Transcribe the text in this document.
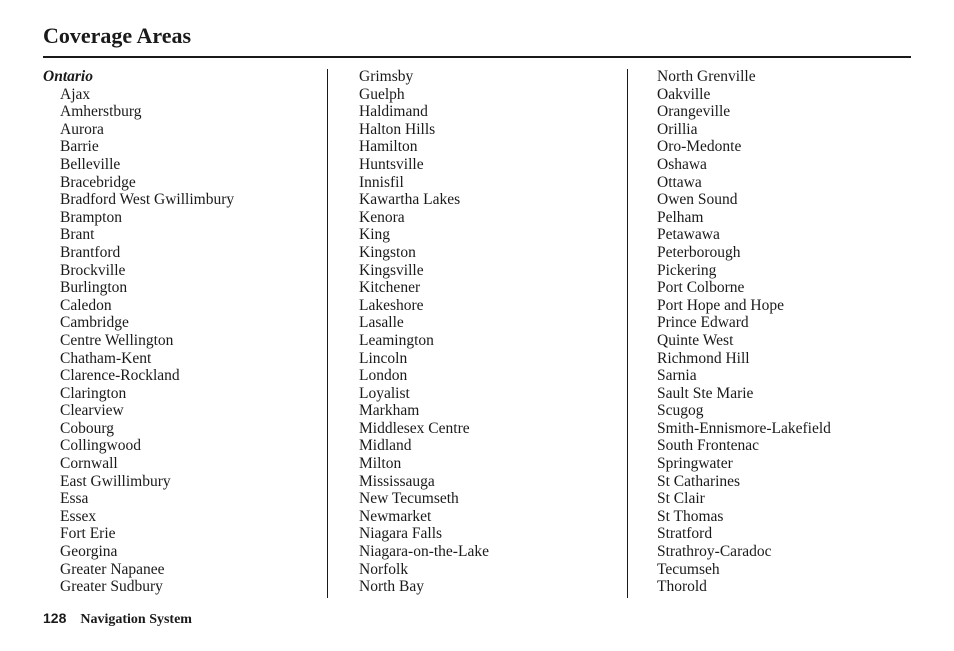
Coverage Areas
Ontario
Ajax
Amherstburg
Aurora
Barrie
Belleville
Bracebridge
Bradford West Gwillimbury
Brampton
Brant
Brantford
Brockville
Burlington
Caledon
Cambridge
Centre Wellington
Chatham-Kent
Clarence-Rockland
Clarington
Clearview
Cobourg
Collingwood
Cornwall
East Gwillimbury
Essa
Essex
Fort Erie
Georgina
Greater Napanee
Greater Sudbury
Grimsby
Guelph
Haldimand
Halton Hills
Hamilton
Huntsville
Innisfil
Kawartha Lakes
Kenora
King
Kingston
Kingsville
Kitchener
Lakeshore
Lasalle
Leamington
Lincoln
London
Loyalist
Markham
Middlesex Centre
Midland
Milton
Mississauga
New Tecumseth
Newmarket
Niagara Falls
Niagara-on-the-Lake
Norfolk
North Bay
North Grenville
Oakville
Orangeville
Orillia
Oro-Medonte
Oshawa
Ottawa
Owen Sound
Pelham
Petawawa
Peterborough
Pickering
Port Colborne
Port Hope and Hope
Prince Edward
Quinte West
Richmond Hill
Sarnia
Sault Ste Marie
Scugog
Smith-Ennismore-Lakefield
South Frontenac
Springwater
St Catharines
St Clair
St Thomas
Stratford
Strathroy-Caradoc
Tecumseh
Thorold
128 Navigation System
